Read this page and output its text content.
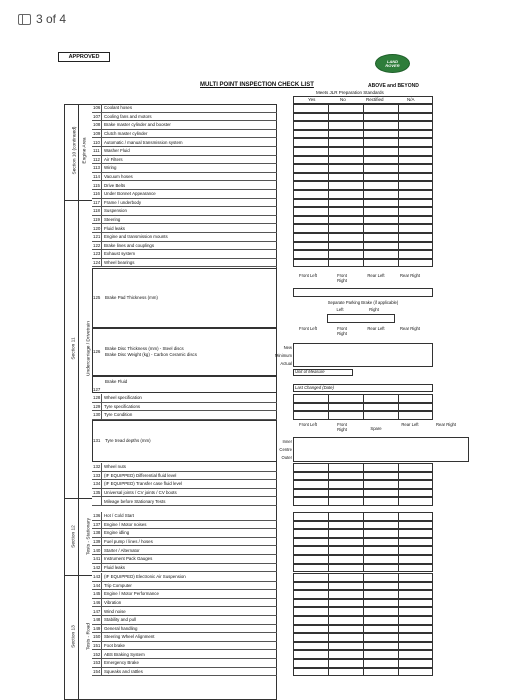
3 of 4
APPROVED
LAND
ROVER
MULTI POINT INSPECTION CHECK LIST	ABOVE and BEYOND
Meets JLR Preparation Standards
Yes	No	Rectified	N/A
Section 10 (continued) Engine Area
Section 11 Undercarriage / Drivetrain
Section 12 Tests - Stationary
Section 13 Tests - Road
106 Coolant hoses
107 Cooling fans and motors
108 Brake master cylinder and booster
109 Clutch master cylinder
110 Automatic / manual transmission system
111 Washer Fluid
112 Air Filters
113 Wiring
114 Vacuum hoses
115 Drive Belts
116 Under Bonnet Appearance
117 Frame / underbody
118 Suspension
119 Steering
120 Fluid leaks
121 Engine and transmission mounts
122 Brake lines and couplings
123 Exhaust system
124 Wheel bearings
128 Wheel specification
129 Tyre specifications
130 Tyre Condition
132 Wheel nuts
133 (IF EQUIPPED) Differential fluid level
134 (IF EQUIPPED) Transfer case fluid level
135 Universal joints / CV joints / CV boots
Mileage before Stationary Tests
136 Hot / Cold Start
137 Engine / Motor noises
138 Engine idling
139 Fuel pump / lines / hoses
140 Starter / Alternator
141 Instrument Pack Gauges
142 Fluid leaks
143 (IF EQUIPPED) Electronic Air Suspension
144 Trip Computer
145 Engine / Motor Performance
146 Vibration
147 Wind noise
148 Stability and pull
149 General handling
150 Steering Wheel Alignment
151 Foot brake
152 ABS Braking System
153 Emergency Brake
154 Squeaks and rattles
125 Brake Pad Thickness (mm)
Front Left	Front Right
Rear Left	Rear Right
Separate Parking Brake (if applicable)
Left	Right
126
Brake Disc Thickness (mm) - Steel discs
Brake Disc Weight (kg) - Carbon Ceramic discs
Front Left	Front Right
Rear Left	Rear Right
New
Minimum
Actual
Unit of Measure
Brake Fluid
127	Last Changed (Date)
131 Tyre tread depths (mm)
Front Left	Front Right	Spare
Rear Left	Rear Right
Inner
Centre
Outer
